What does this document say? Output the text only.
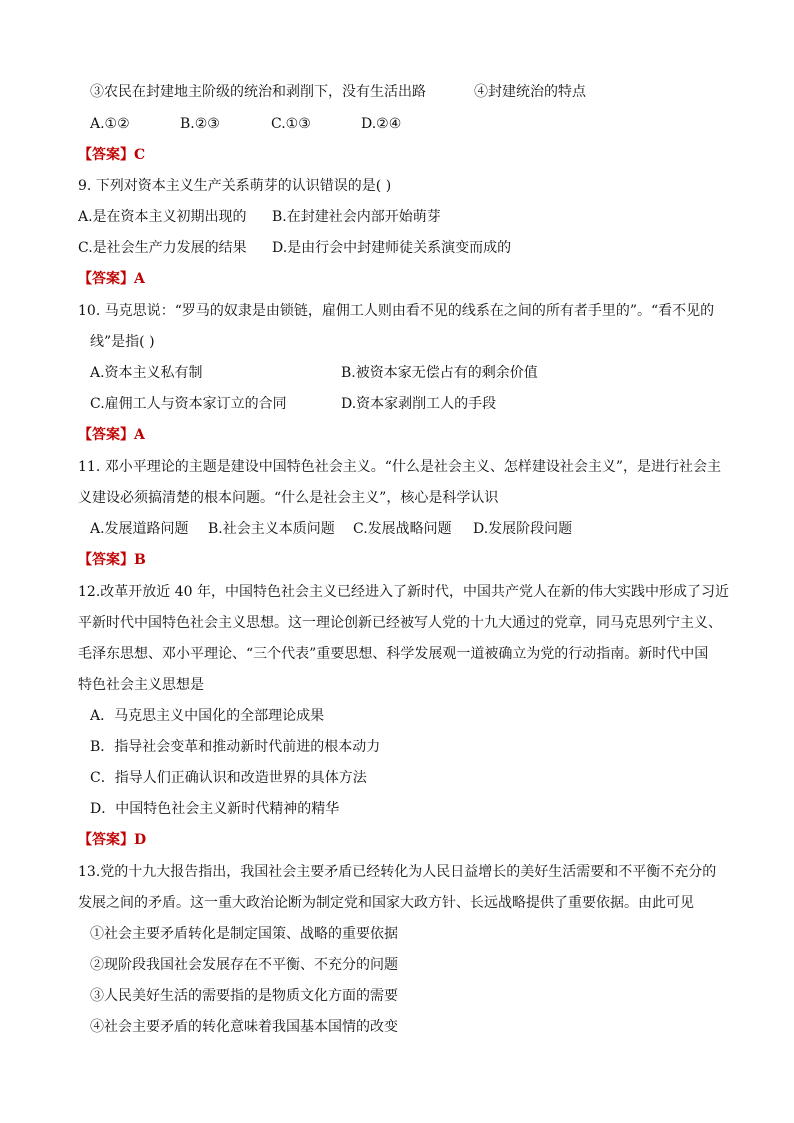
③农民在封建地主阶级的统治和剥削下，没有生活出路	④封建统治的特点
A.①②	B.②③	C.①③	D.②④
【答案】C
9. 下列对资本主义生产关系萌芽的认识错误的是( )
A.是在资本主义初期出现的 B.在封建社会内部开始萌芽
C.是社会生产力发展的结果 D.是由行会中封建师徒关系演变而成的
【答案】A
10. 马克思说：“罗马的奴隶是由锁链，雇佣工人则由看不见的线系在之间的所有者手里的”。“看不见的
线”是指( )
A.资本主义私有制	B.被资本家无偿占有的剩余价值
C.雇佣工人与资本家订立的合同	D.资本家剥削工人的手段
【答案】A
11. 邓小平理论的主题是建设中国特色社会主义。“什么是社会主义、怎样建设社会主义”，是进行社会主
义建设必须搞清楚的根本问题。“什么是社会主义”，核心是科学认识
A.发展道路问题 B.社会主义本质问题 C.发展战略问题 D.发展阶段问题
【答案】B
12.改革开放近 40 年，中国特色社会主义已经进入了新时代，中国共产党人在新的伟大实践中形成了习近
平新时代中国特色社会主义思想。这一理论创新已经被写人党的十九大通过的党章，同马克思列宁主义、
毛泽东思想、邓小平理论、“三个代表”重要思想、科学发展观一道被确立为党的行动指南。新时代中国
特色社会主义思想是
A．马克思主义中国化的全部理论成果
B．指导社会变革和推动新时代前进的根本动力
C．指导人们正确认识和改造世界的具体方法
D．中国特色社会主义新时代精神的精华
【答案】D
13.党的十九大报告指出，我国社会主要矛盾已经转化为人民日益增长的美好生活需要和不平衡不充分的
发展之间的矛盾。这一重大政治论断为制定党和国家大政方针、长远战略提供了重要依据。由此可见
①社会主要矛盾转化是制定国策、战略的重要依据
②现阶段我国社会发展存在不平衡、不充分的问题
③人民美好生活的需要指的是物质文化方面的需要
④社会主要矛盾的转化意味着我国基本国情的改变
